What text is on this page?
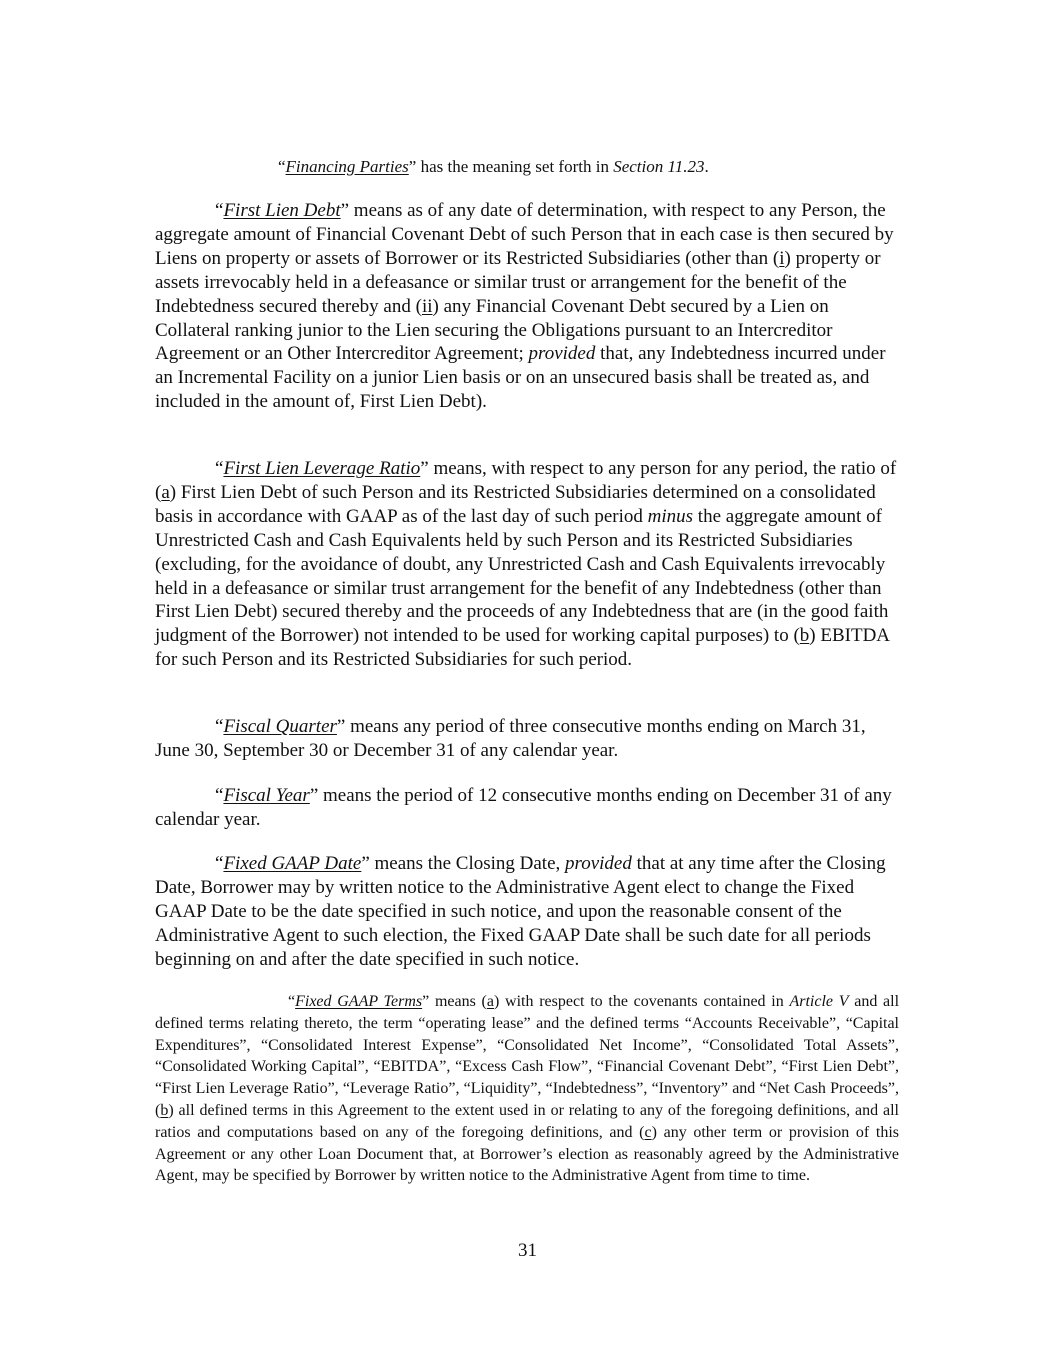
“Financing Parties” has the meaning set forth in Section 11.23.
“First Lien Debt” means as of any date of determination, with respect to any Person, the aggregate amount of Financial Covenant Debt of such Person that in each case is then secured by Liens on property or assets of Borrower or its Restricted Subsidiaries (other than (i) property or assets irrevocably held in a defeasance or similar trust or arrangement for the benefit of the Indebtedness secured thereby and (ii) any Financial Covenant Debt secured by a Lien on Collateral ranking junior to the Lien securing the Obligations pursuant to an Intercreditor Agreement or an Other Intercreditor Agreement; provided that, any Indebtedness incurred under an Incremental Facility on a junior Lien basis or on an unsecured basis shall be treated as, and included in the amount of, First Lien Debt).
“First Lien Leverage Ratio” means, with respect to any person for any period, the ratio of (a) First Lien Debt of such Person and its Restricted Subsidiaries determined on a consolidated basis in accordance with GAAP as of the last day of such period minus the aggregate amount of Unrestricted Cash and Cash Equivalents held by such Person and its Restricted Subsidiaries (excluding, for the avoidance of doubt, any Unrestricted Cash and Cash Equivalents irrevocably held in a defeasance or similar trust arrangement for the benefit of any Indebtedness (other than First Lien Debt) secured thereby and the proceeds of any Indebtedness that are (in the good faith judgment of the Borrower) not intended to be used for working capital purposes) to (b) EBITDA for such Person and its Restricted Subsidiaries for such period.
“Fiscal Quarter” means any period of three consecutive months ending on March 31, June 30, September 30 or December 31 of any calendar year.
“Fiscal Year” means the period of 12 consecutive months ending on December 31 of any calendar year.
“Fixed GAAP Date” means the Closing Date, provided that at any time after the Closing Date, Borrower may by written notice to the Administrative Agent elect to change the Fixed GAAP Date to be the date specified in such notice, and upon the reasonable consent of the Administrative Agent to such election, the Fixed GAAP Date shall be such date for all periods beginning on and after the date specified in such notice.
“Fixed GAAP Terms” means (a) with respect to the covenants contained in Article V and all defined terms relating thereto, the term “operating lease” and the defined terms “Accounts Receivable”, “Capital Expenditures”, “Consolidated Interest Expense”, “Consolidated Net Income”, “Consolidated Total Assets”, “Consolidated Working Capital”, “EBITDA”, “Excess Cash Flow”, “Financial Covenant Debt”, “First Lien Debt”, “First Lien Leverage Ratio”, “Leverage Ratio”, “Liquidity”, “Indebtedness”, “Inventory” and “Net Cash Proceeds”, (b) all defined terms in this Agreement to the extent used in or relating to any of the foregoing definitions, and all ratios and computations based on any of the foregoing definitions, and (c) any other term or provision of this Agreement or any other Loan Document that, at Borrower’s election as reasonably agreed by the Administrative Agent, may be specified by Borrower by written notice to the Administrative Agent from time to time.
31
